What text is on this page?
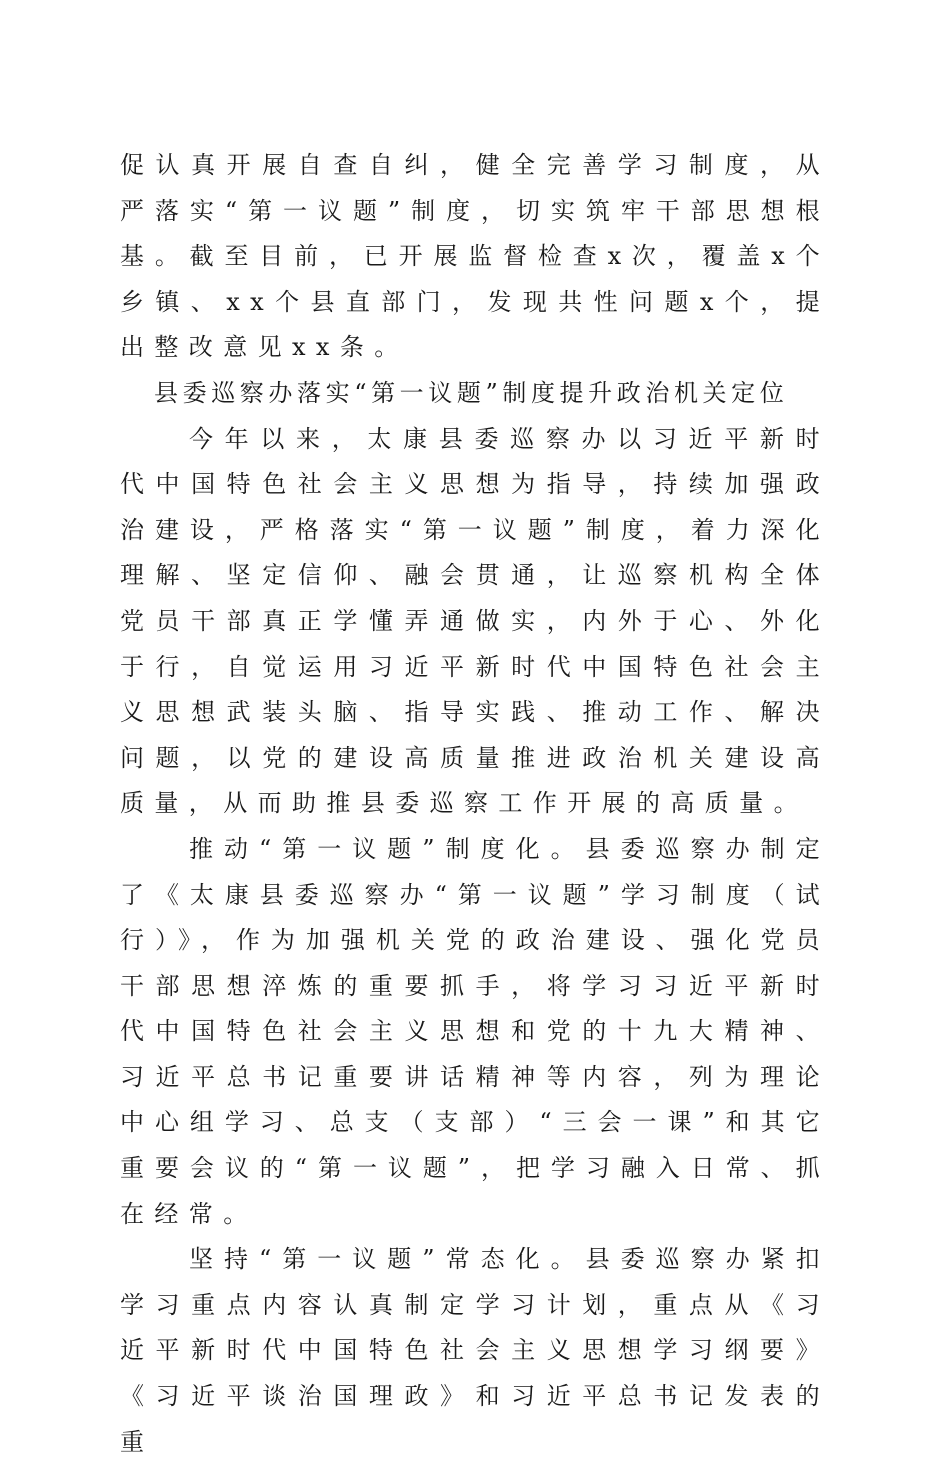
促认真开展自查自纠，健全完善学习制度，从严落实“第一议题”制度，切实筑牢干部思想根基。截至目前，已开展监督检查x次，覆盖x个乡镇、xx个县直部门，发现共性问题x个，提出整改意见xx条。

县委巡察办落实“第一议题”制度提升政治机关定位

今年以来，太康县委巡察办以习近平新时代中国特色社会主义思想为指导，持续加强政治建设，严格落实“第一议题”制度，着力深化理解、坚定信仰、融会贯通，让巡察机构全体党员干部真正学懂弄通做实，内外于心、外化于行，自觉运用习近平新时代中国特色社会主义思想武装头脑、指导实践、推动工作、解决问题，以党的建设高质量推进政治机关建设高质量，从而助推县委巡察工作开展的高质量。

推动“第一议题”制度化。县委巡察办制定了《太康县委巡察办“第一议题”学习制度（试行）》，作为加强机关党的政治建设、强化党员干部思想淬炼的重要抓手，将学习习近平新时代中国特色社会主义思想和党的十九大精神、习近平总书记重要讲话精神等内容，列为理论中心组学习、总支（支部）“三会一课”和其它重要会议的“第一议题”，把学习融入日常、抓在经常。

坚持“第一议题”常态化。县委巡察办紧扣学习重点内容认真制定学习计划，重点从《习近平新时代中国特色社会主义思想学习纲要》《习近平谈治国理政》和习近平总书记发表的重
